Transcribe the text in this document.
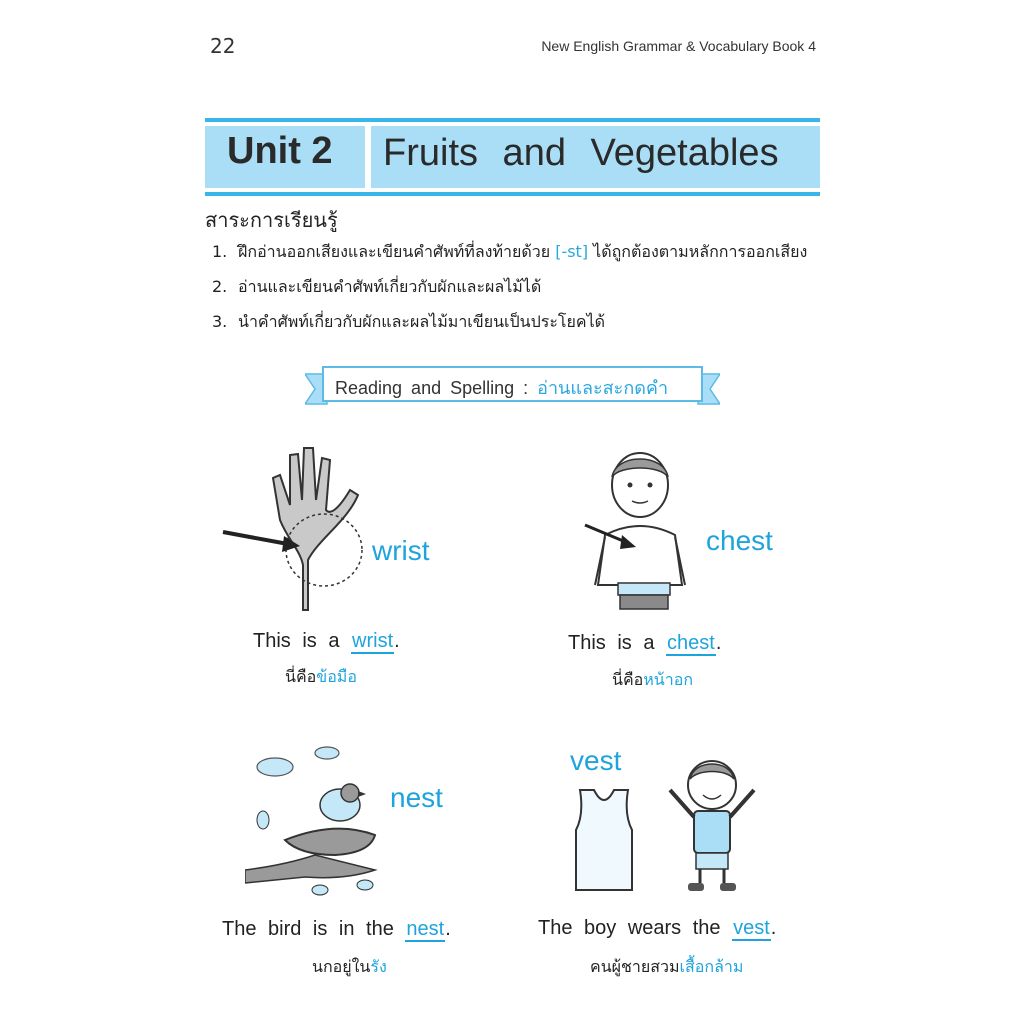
22	New English Grammar & Vocabulary Book 4
Unit 2 Fruits and Vegetables
สาระการเรียนรู้
1. ฝึกอ่านออกเสียงและเขียนคำศัพท์ที่ลงท้ายด้วย [-st] ได้ถูกต้องตามหลักการออกเสียง
2. อ่านและเขียนคำศัพท์เกี่ยวกับผักและผลไม้ได้
3. นำคำศัพท์เกี่ยวกับผักและผลไม้มาเขียนเป็นประโยคได้
Reading and Spelling : อ่านและสะกดคำ
wrist
This is a wrist.
นี่คือข้อมือ
chest
This is a chest.
นี่คือหน้าอก
nest
The bird is in the nest.
นกอยู่ในรัง
vest
The boy wears the vest.
คนผู้ชายสวมเสื้อกล้าม
